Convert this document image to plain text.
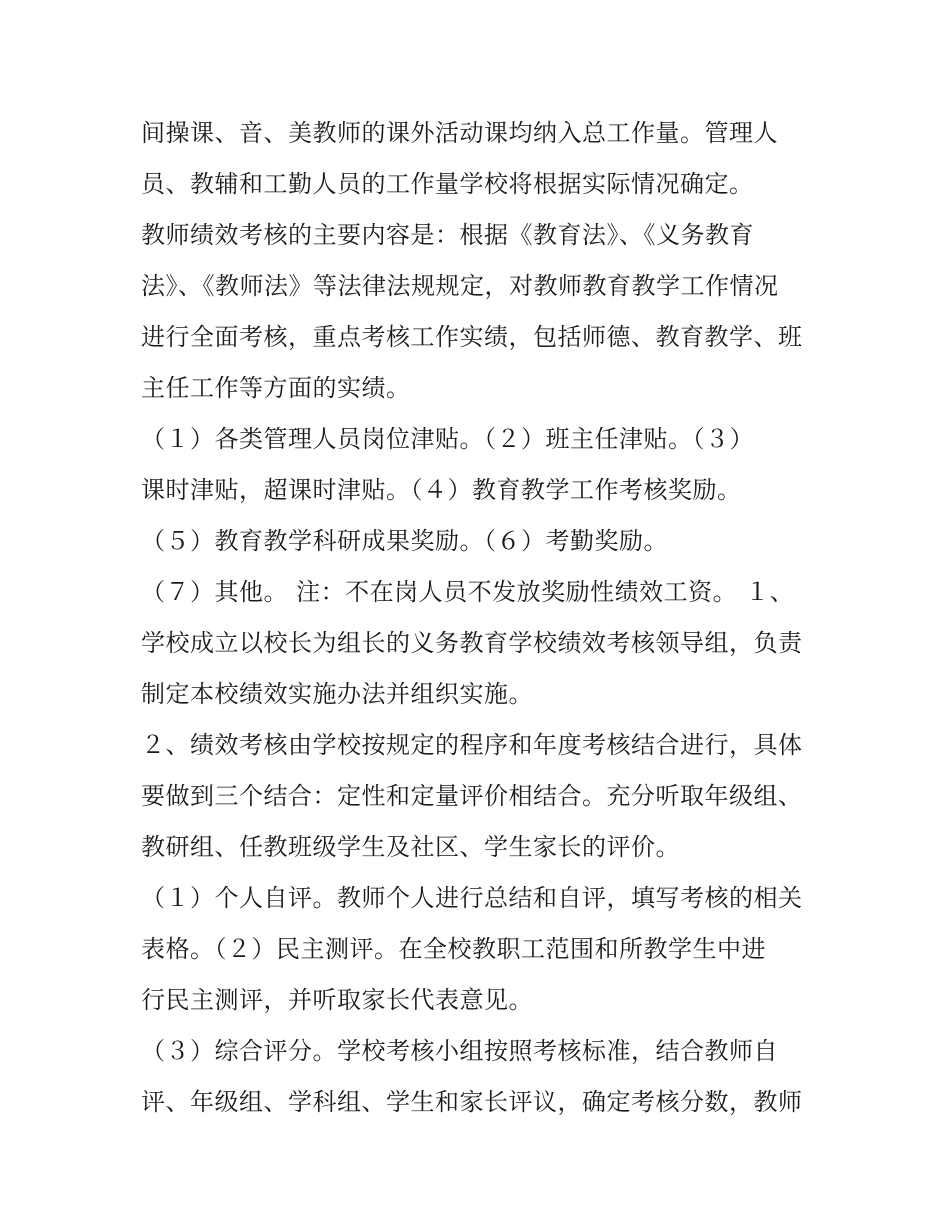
间操课、音、美教师的课外活动课均纳入总工作量。管理人
员、教辅和工勤人员的工作量学校将根据实际情况确定。
教师绩效考核的主要内容是：根据《教育法》、《义务教育
法》、《教师法》等法律法规规定，对教师教育教学工作情况
进行全面考核，重点考核工作实绩，包括师德、教育教学、班
主任工作等方面的实绩。
（１）各类管理人员岗位津贴。（２）班主任津贴。（３）
课时津贴，超课时津贴。（４）教育教学工作考核奖励。
（５）教育教学科研成果奖励。（６）考勤奖励。
（７）其他。 注：不在岗人员不发放奖励性绩效工资。 １、
学校成立以校长为组长的义务教育学校绩效考核领导组，负责
制定本校绩效实施办法并组织实施。
２、绩效考核由学校按规定的程序和年度考核结合进行，具体
要做到三个结合：定性和定量评价相结合。充分听取年级组、
教研组、任教班级学生及社区、学生家长的评价。
（１）个人自评。教师个人进行总结和自评，填写考核的相关
表格。（２）民主测评。在全校教职工范围和所教学生中进
行民主测评，并听取家长代表意见。
（３）综合评分。学校考核小组按照考核标准，结合教师自
评、年级组、学科组、学生和家长评议，确定考核分数，教师
